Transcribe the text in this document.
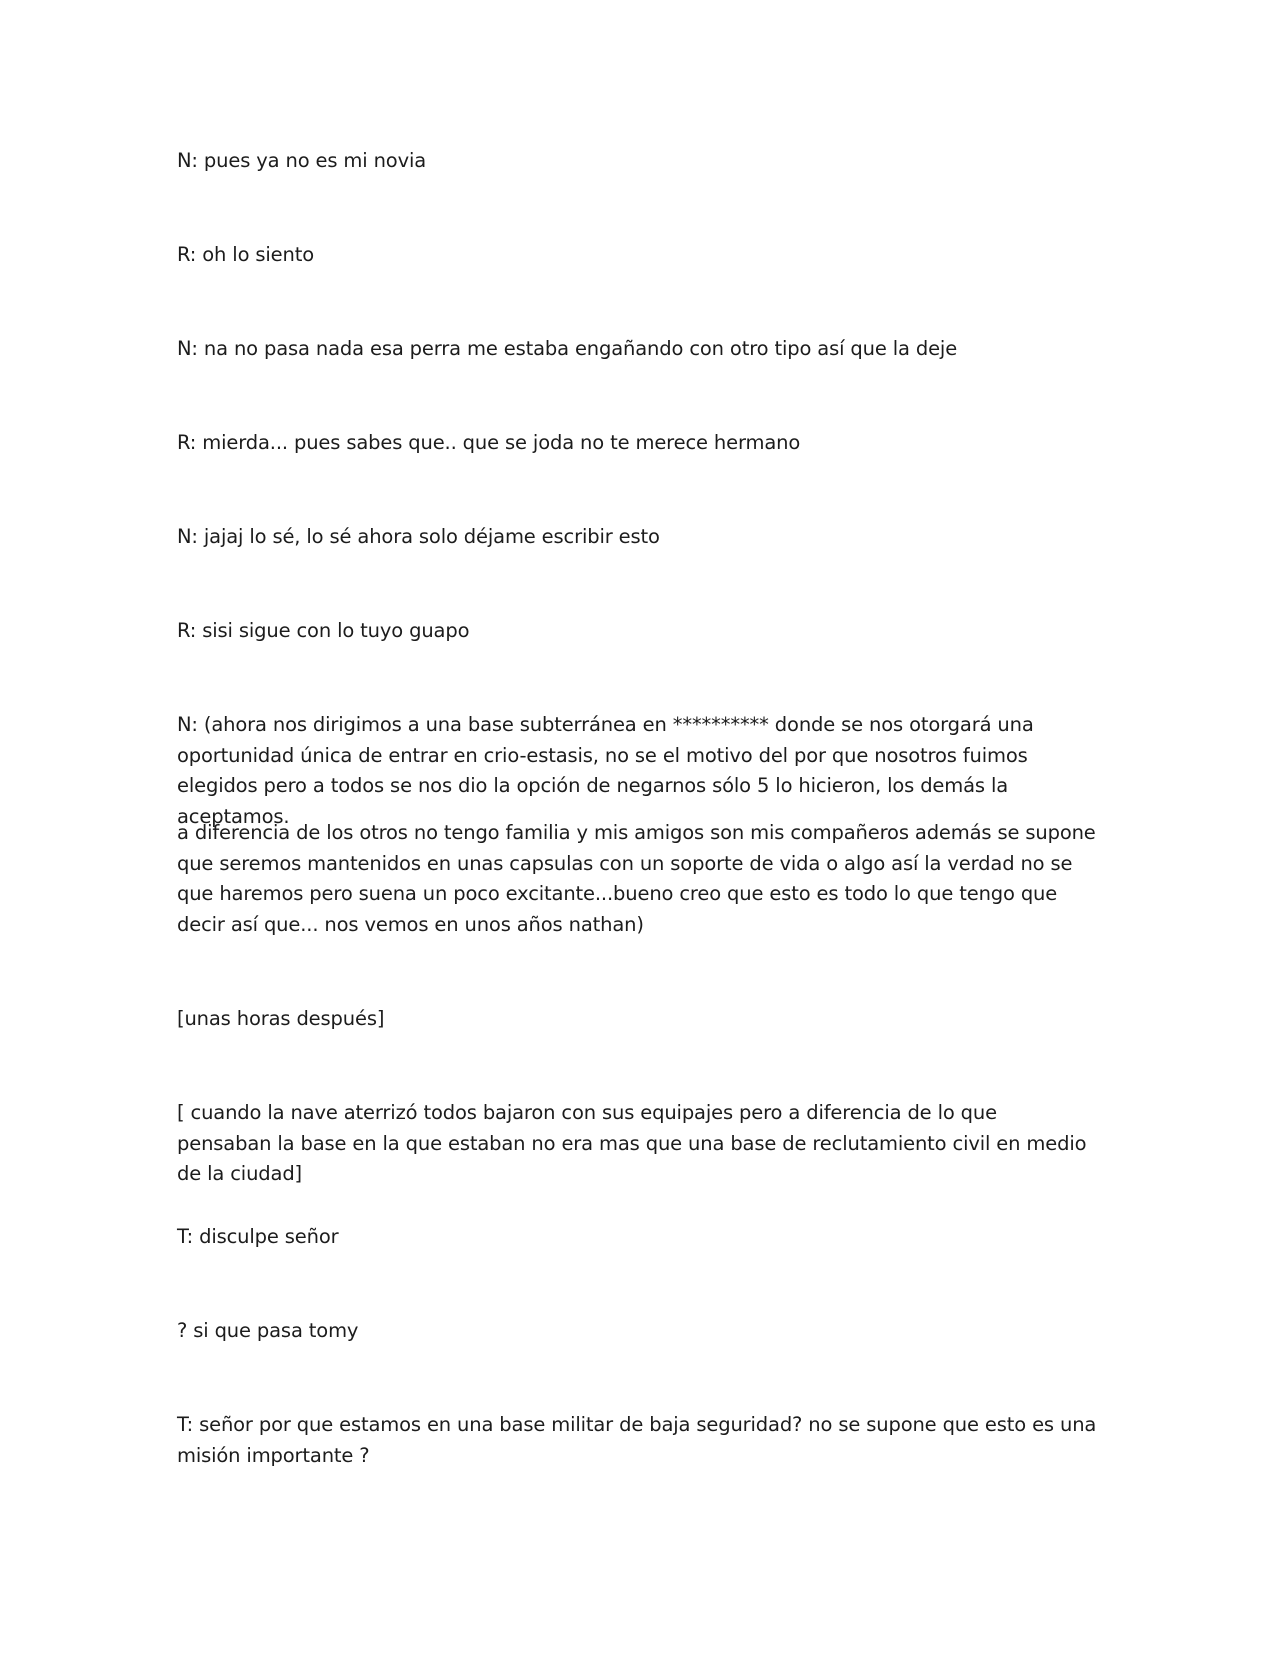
N: pues ya no es mi novia

R: oh lo siento

N: na no pasa nada esa perra me estaba engañando con otro tipo así que la deje

R: mierda... pues sabes que.. que se joda no te merece hermano

N: jajaj lo sé, lo sé ahora solo déjame escribir esto

R: sisi sigue con lo tuyo guapo

N: (ahora nos dirigimos a una base subterránea en ********** donde se nos otorgará una oportunidad única de entrar en crio-estasis, no se el motivo del por que nosotros fuimos elegidos pero a todos se nos dio la opción de negarnos sólo 5 lo hicieron, los demás la aceptamos.

a diferencia de los otros no tengo familia y mis amigos son mis compañeros además se supone que seremos mantenidos en unas capsulas con un soporte de vida o algo así la verdad no se que haremos pero suena un poco excitante...bueno creo que esto es todo lo que tengo que decir así que... nos vemos en unos años nathan)

[unas horas después]

[ cuando la nave aterrizó todos bajaron con sus equipajes pero a diferencia de lo que pensaban la base en la que estaban no era mas que una base de reclutamiento civil en medio de la ciudad]

T: disculpe señor

? si que pasa tomy

T: señor por que estamos en una base militar de baja seguridad? no se supone que esto es una misión importante ?
